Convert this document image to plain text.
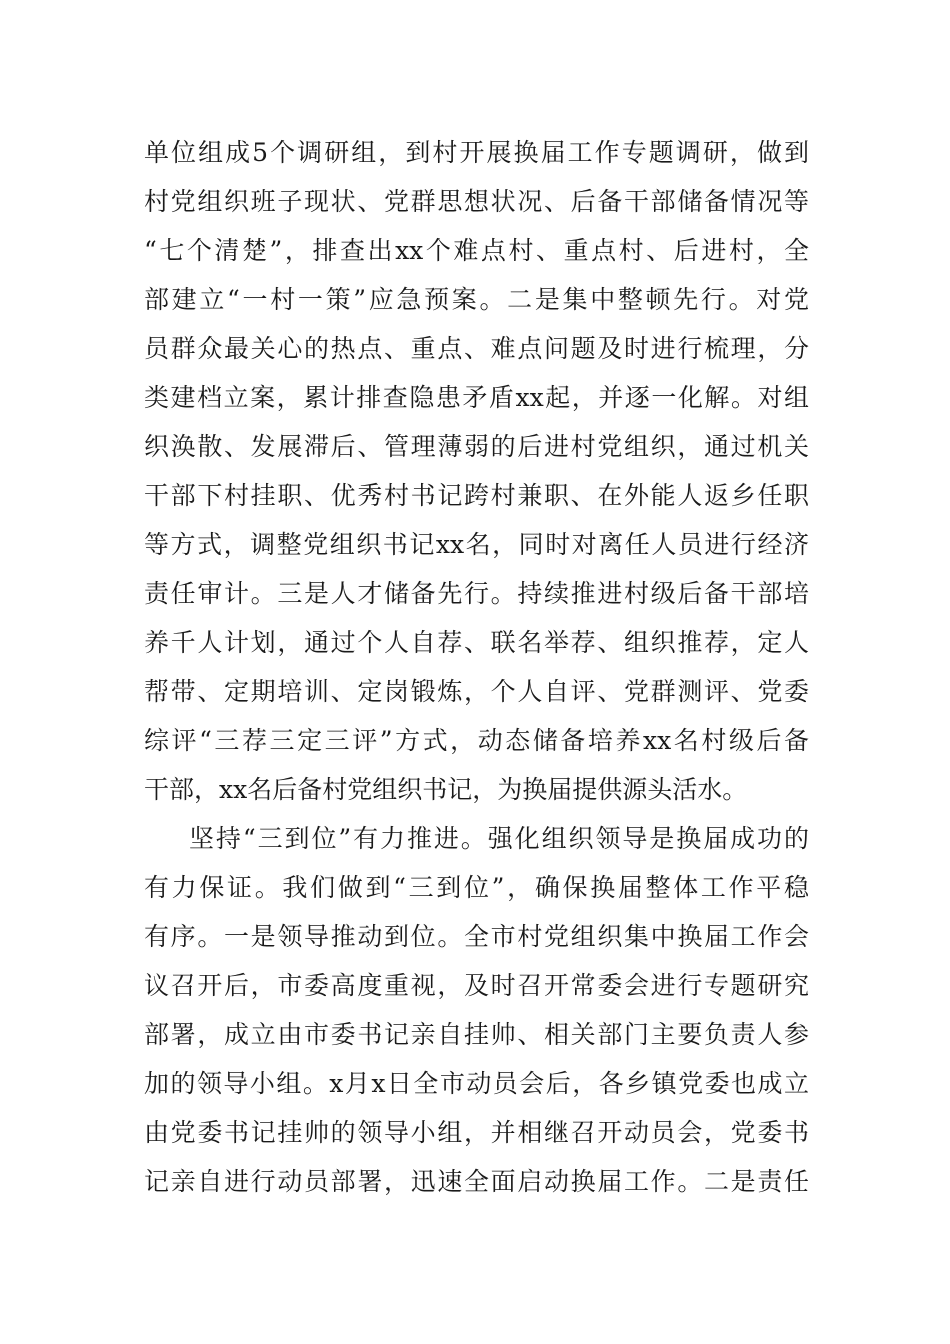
单位组成5个调研组，到村开展换届工作专题调研，做到
村党组织班子现状、党群思想状况、后备干部储备情况等
“七个清楚”，排查出xx个难点村、重点村、后进村，全
部建立“一村一策”应急预案。二是集中整顿先行。对党
员群众最关心的热点、重点、难点问题及时进行梳理，分
类建档立案，累计排查隐患矛盾xx起，并逐一化解。对组
织涣散、发展滞后、管理薄弱的后进村党组织，通过机关
干部下村挂职、优秀村书记跨村兼职、在外能人返乡任职
等方式，调整党组织书记xx名，同时对离任人员进行经济
责任审计。三是人才储备先行。持续推进村级后备干部培
养千人计划，通过个人自荐、联名举荐、组织推荐，定人
帮带、定期培训、定岗锻炼，个人自评、党群测评、党委
综评“三荐三定三评”方式，动态储备培养xx名村级后备
干部，xx名后备村党组织书记，为换届提供源头活水。
坚持“三到位”有力推进。强化组织领导是换届成功的
有力保证。我们做到“三到位”，确保换届整体工作平稳
有序。一是领导推动到位。全市村党组织集中换届工作会
议召开后，市委高度重视，及时召开常委会进行专题研究
部署，成立由市委书记亲自挂帅、相关部门主要负责人参
加的领导小组。x月x日全市动员会后，各乡镇党委也成立
由党委书记挂帅的领导小组，并相继召开动员会，党委书
记亲自进行动员部署，迅速全面启动换届工作。二是责任
